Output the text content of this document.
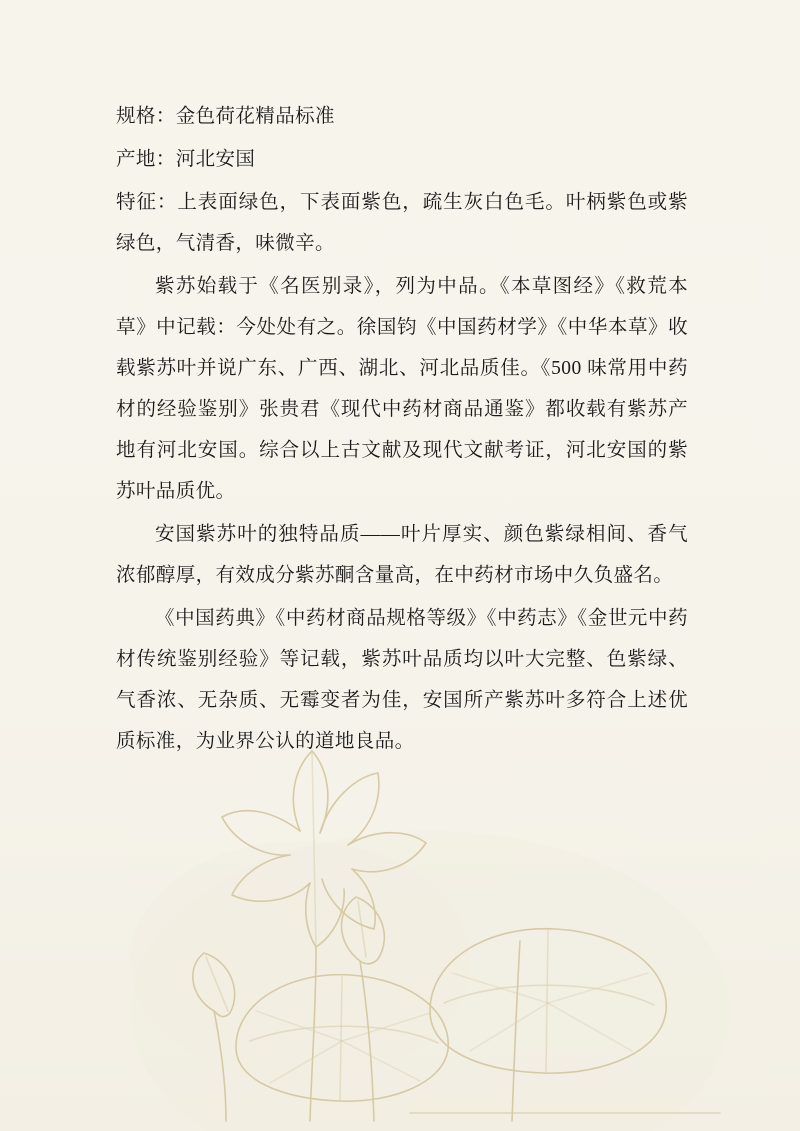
规格：金色荷花精品标准

产地：河北安国

特征：上表面绿色，下表面紫色，疏生灰白色毛。叶柄紫色或紫绿色，气清香，味微辛。

紫苏始载于《名医别录》，列为中品。《本草图经》《救荒本草》中记载：今处处有之。徐国钧《中国药材学》《中华本草》收载紫苏叶并说广东、广西、湖北、河北品质佳。《500 味常用中药材的经验鉴别》张贵君《现代中药材商品通鉴》都收载有紫苏产地有河北安国。综合以上古文献及现代文献考证，河北安国的紫苏叶品质优。

安国紫苏叶的独特品质——叶片厚实、颜色紫绿相间、香气浓郁醇厚，有效成分紫苏酮含量高，在中药材市场中久负盛名。

《中国药典》《中药材商品规格等级》《中药志》《金世元中药材传统鉴别经验》等记载，紫苏叶品质均以叶大完整、色紫绿、气香浓、无杂质、无霉变者为佳，安国所产紫苏叶多符合上述优质标准，为业界公认的道地良品。
